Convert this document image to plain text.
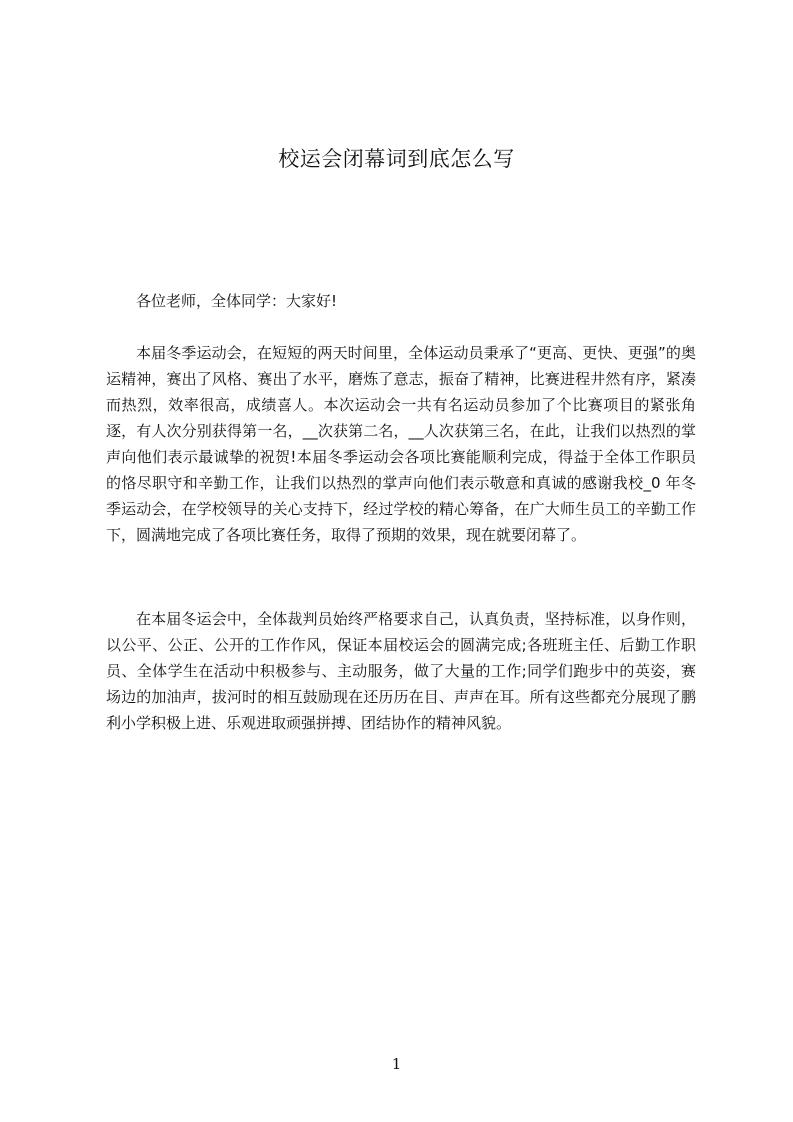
校运会闭幕词到底怎么写

各位老师，全体同学：大家好!

本届冬季运动会，在短短的两天时间里，全体运动员秉承了“更高、更快、更强”的奥运精神，赛出了风格、赛出了水平，磨炼了意志，振奋了精神，比赛进程井然有序，紧凑而热烈，效率很高，成绩喜人。本次运动会一共有名运动员参加了个比赛项目的紧张角逐，有人次分别获得第一名，__次获第二名，__人次获第三名，在此，让我们以热烈的掌声向他们表示最诚挚的祝贺!本届冬季运动会各项比赛能顺利完成，得益于全体工作职员的恪尽职守和辛勤工作，让我们以热烈的掌声向他们表示敬意和真诚的感谢我校_0 年冬季运动会，在学校领导的关心支持下，经过学校的精心筹备，在广大师生员工的辛勤工作下，圆满地完成了各项比赛任务，取得了预期的效果，现在就要闭幕了。

在本届冬运会中，全体裁判员始终严格要求自己，认真负责，坚持标准，以身作则，以公平、公正、公开的工作作风，保证本届校运会的圆满完成;各班班主任、后勤工作职员、全体学生在活动中积极参与、主动服务，做了大量的工作;同学们跑步中的英姿，赛场边的加油声，拔河时的相互鼓励现在还历历在目、声声在耳。所有这些都充分展现了鹏利小学积极上进、乐观进取顽强拼搏、团结协作的精神风貌。

1
